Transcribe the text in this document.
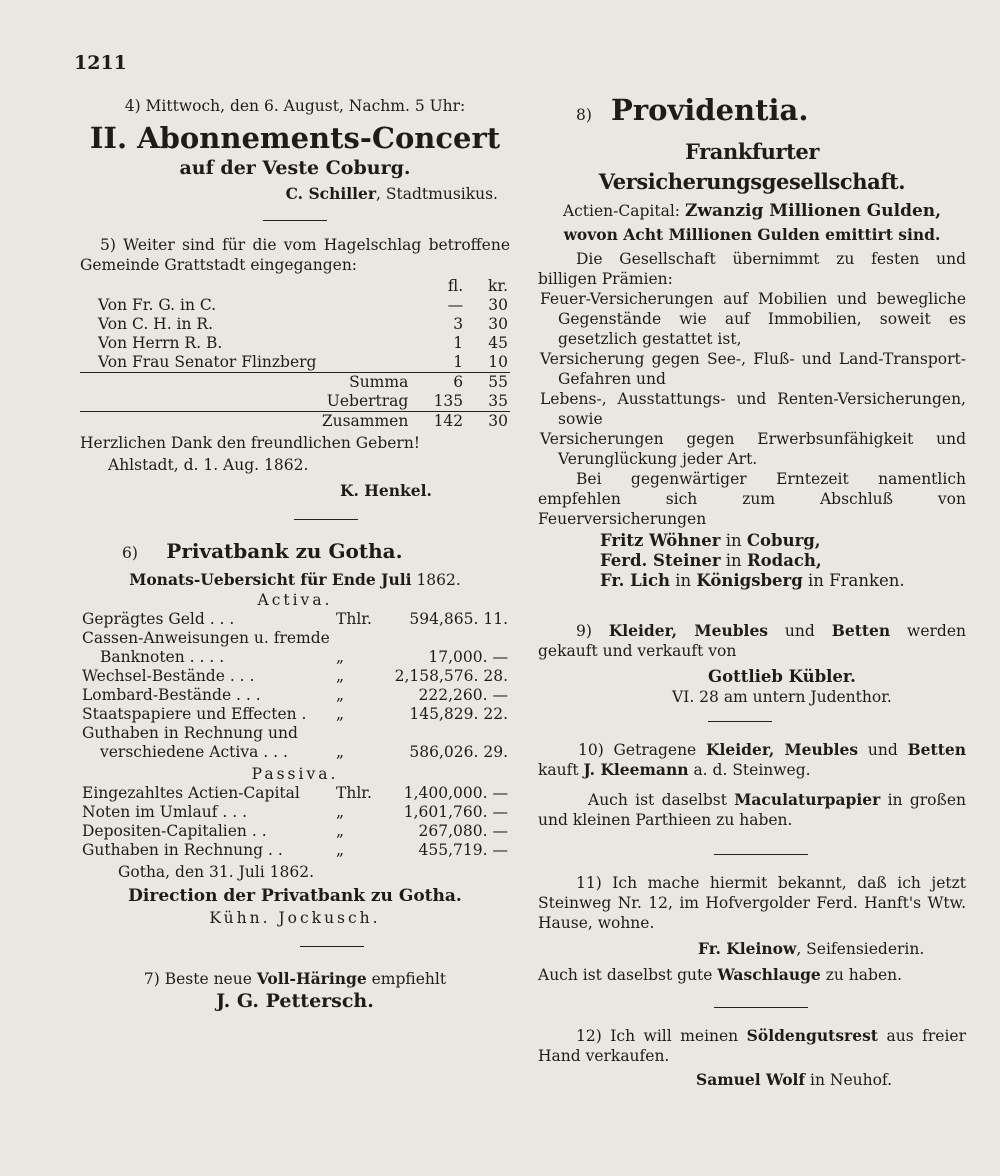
1211

4) Mittwoch, den 6. August, Nachm. 5 Uhr:

II. Abonnements-Concert

auf der Veste Coburg.

C. Schiller, Stadtmusikus.

5) Weiter sind für die vom Hagelschlag betroffene Gemeinde Grattstadt eingegangen:

	fl.	kr.
Von Fr. G. in C.	—	30
Von C. H. in R.	3	30
Von Herrn R. B.	1	45
Von Frau Senator Flinzberg	1	10
Summa	6	55
Uebertrag	135	35
Zusammen	142	30

Herzlichen Dank den freundlichen Gebern!

Ahlstadt, d. 1. Aug. 1862.

K. Henkel.

6) Privatbank zu Gotha.

Monats-Uebersicht für Ende Juli 1862.

Activa.

Geprägtes Geld . . .	Thlr.	594,865. 11.
Cassen-Anweisungen u. fremde		
Banknoten . . . .	„	17,000. —
Wechsel-Bestände . . .	„	2,158,576. 28.
Lombard-Bestände . . .	„	222,260. —
Staatspapiere und Effecten .	„	145,829. 22.
Guthaben in Rechnung und		
verschiedene Activa . . .	„	586,026. 29.

Passiva.

Eingezahltes Actien-Capital	Thlr.	1,400,000. —
Noten im Umlauf . . .	„	1,601,760. —
Depositen-Capitalien . .	„	267,080. —
Guthaben in Rechnung . .	„	455,719. —

Gotha, den 31. Juli 1862.

Direction der Privatbank zu Gotha.

Kühn. Jockusch.

7) Beste neue Voll-Häringe empfiehlt

J. G. Pettersch.

8) Providentia.

Frankfurter Versicherungsgesellschaft.

Actien-Capital: Zwanzig Millionen Gulden,

wovon Acht Millionen Gulden emittirt sind.

Die Gesellschaft übernimmt zu festen und billigen Prämien:

Feuer-Versicherungen auf Mobilien und bewegliche Gegenstände wie auf Immobilien, soweit es gesetzlich gestattet ist,

Versicherung gegen See-, Fluß- und Land-Transport-Gefahren und

Lebens-, Ausstattungs- und Renten-Versicherungen, sowie

Versicherungen gegen Erwerbsunfähigkeit und Verunglückung jeder Art.

Bei gegenwärtiger Erntezeit namentlich empfehlen sich zum Abschluß von Feuerversicherungen

Fritz Wöhner in Coburg,

Ferd. Steiner in Rodach,

Fr. Lich in Königsberg in Franken.

9) Kleider, Meubles und Betten werden gekauft und verkauft von

Gottlieb Kübler.

VI. 28 am untern Judenthor.

10) Getragene Kleider, Meubles und Betten kauft J. Kleemann a. d. Steinweg.

Auch ist daselbst Maculaturpapier in großen und kleinen Parthieen zu haben.

11) Ich mache hiermit bekannt, daß ich jetzt Steinweg Nr. 12, im Hofvergolder Ferd. Hanft's Wtw. Hause, wohne.

Fr. Kleinow, Seifensiederin.

Auch ist daselbst gute Waschlauge zu haben.

12) Ich will meinen Söldengutsrest aus freier Hand verkaufen.

Samuel Wolf in Neuhof.
